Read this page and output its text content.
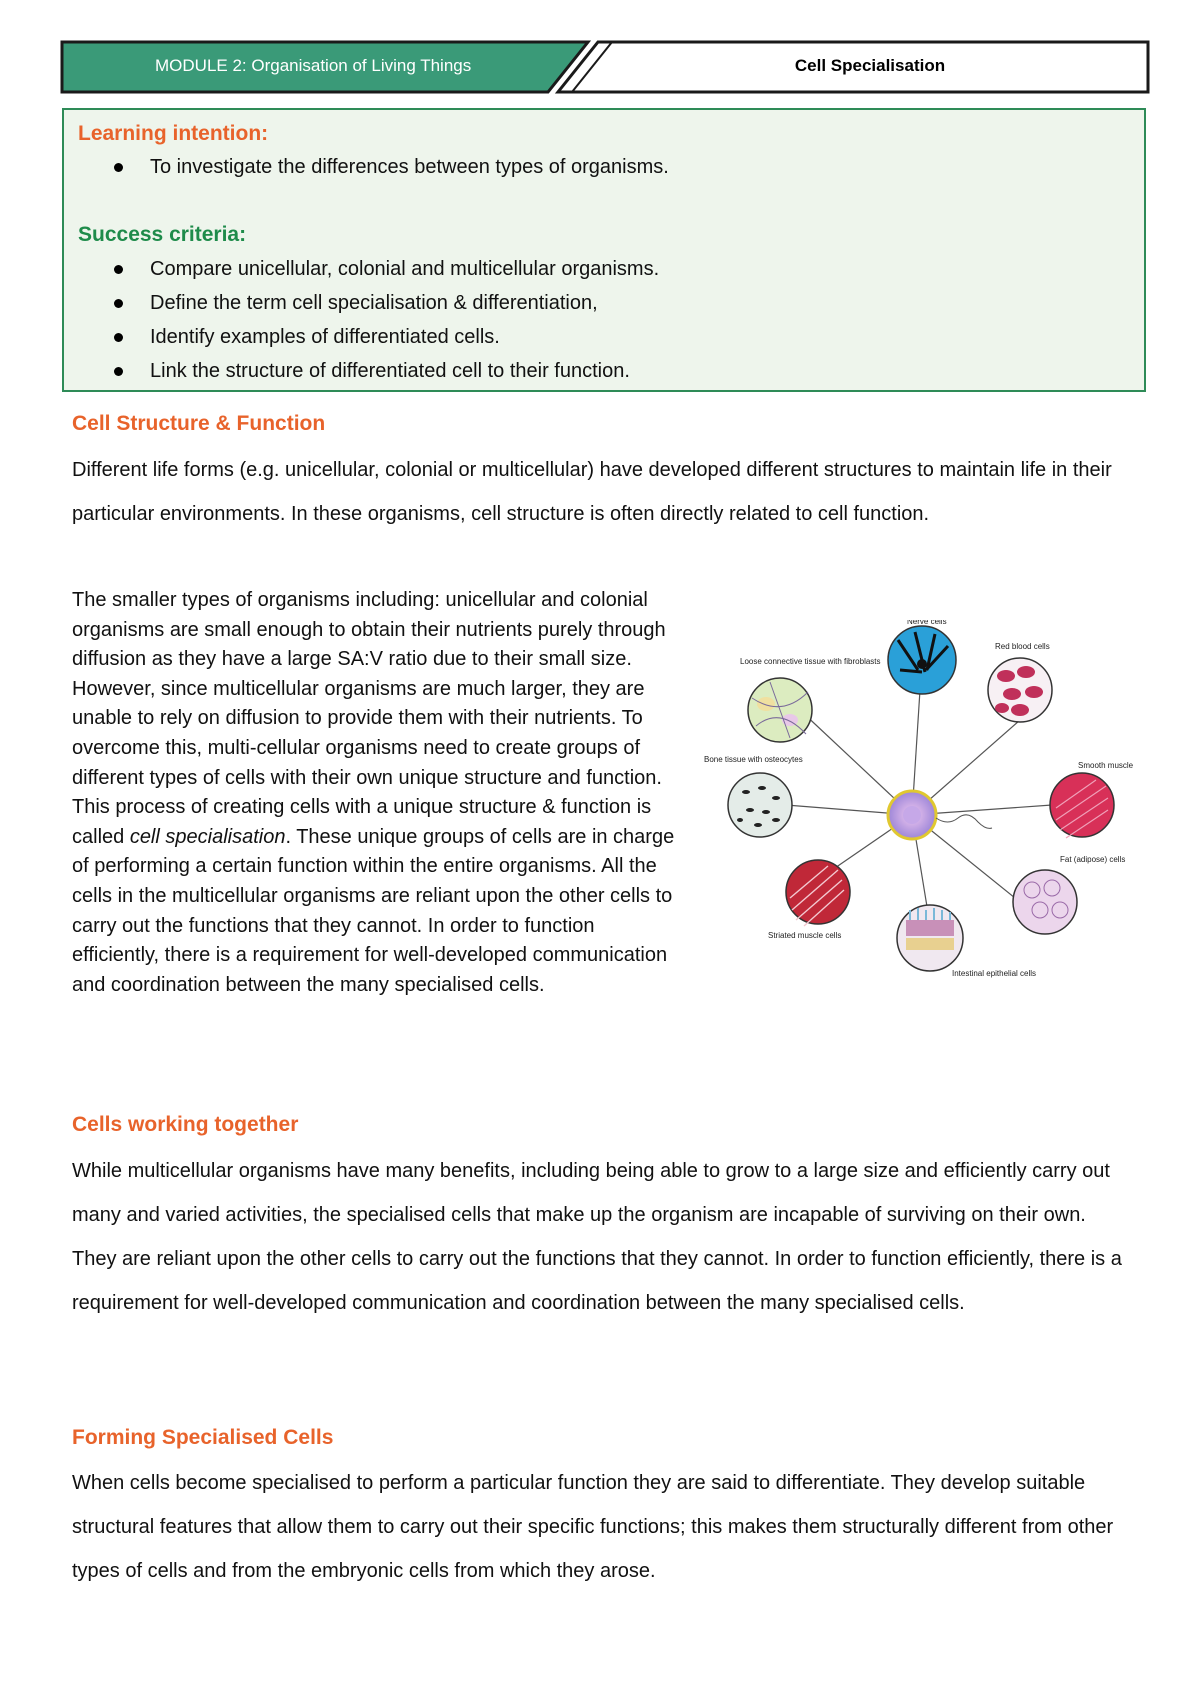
MODULE 2: Organisation of Living Things	Cell Specialisation
Learning intention:
To investigate the differences between types of organisms.
Success criteria:
Compare unicellular, colonial and multicellular organisms.
Define the term cell specialisation & differentiation,
Identify examples of differentiated cells.
Link the structure of differentiated cell to their function.
Cell Structure & Function

Different life forms (e.g. unicellular, colonial or multicellular) have developed different structures to maintain life in their particular environments. In these organisms, cell structure is often directly related to cell function.

The smaller types of organisms including: unicellular and colonial organisms are small enough to obtain their nutrients purely through diffusion as they have a large SA:V ratio due to their small size. However, since multicellular organisms are much larger, they are unable to rely on diffusion to provide them with their nutrients. To overcome this, multi-cellular organisms need to create groups of different types of cells with their own unique structure and function. This process of creating cells with a unique structure & function is called cell specialisation. These unique groups of cells are in charge of performing a certain function within the entire organisms. All the cells in the multicellular organisms are reliant upon the other cells to carry out the functions that they cannot. In order to function efficiently, there is a requirement for well-developed communication and coordination between the many specialised cells.

Nerve cells
Red blood cells
Smooth muscle
Fat (adipose) cells
Intestinal epithelial cells
Striated muscle cells
Bone tissue with osteocytes
Loose connective tissue with fibroblasts
Cells working together

While multicellular organisms have many benefits, including being able to grow to a large size and efficiently carry out many and varied activities, the specialised cells that make up the organism are incapable of surviving on their own. They are reliant upon the other cells to carry out the functions that they cannot. In order to function efficiently, there is a requirement for well-developed communication and coordination between the many specialised cells.

Forming Specialised Cells

When cells become specialised to perform a particular function they are said to differentiate. They develop suitable structural features that allow them to carry out their specific functions; this makes them structurally different from other types of cells and from the embryonic cells from which they arose.
